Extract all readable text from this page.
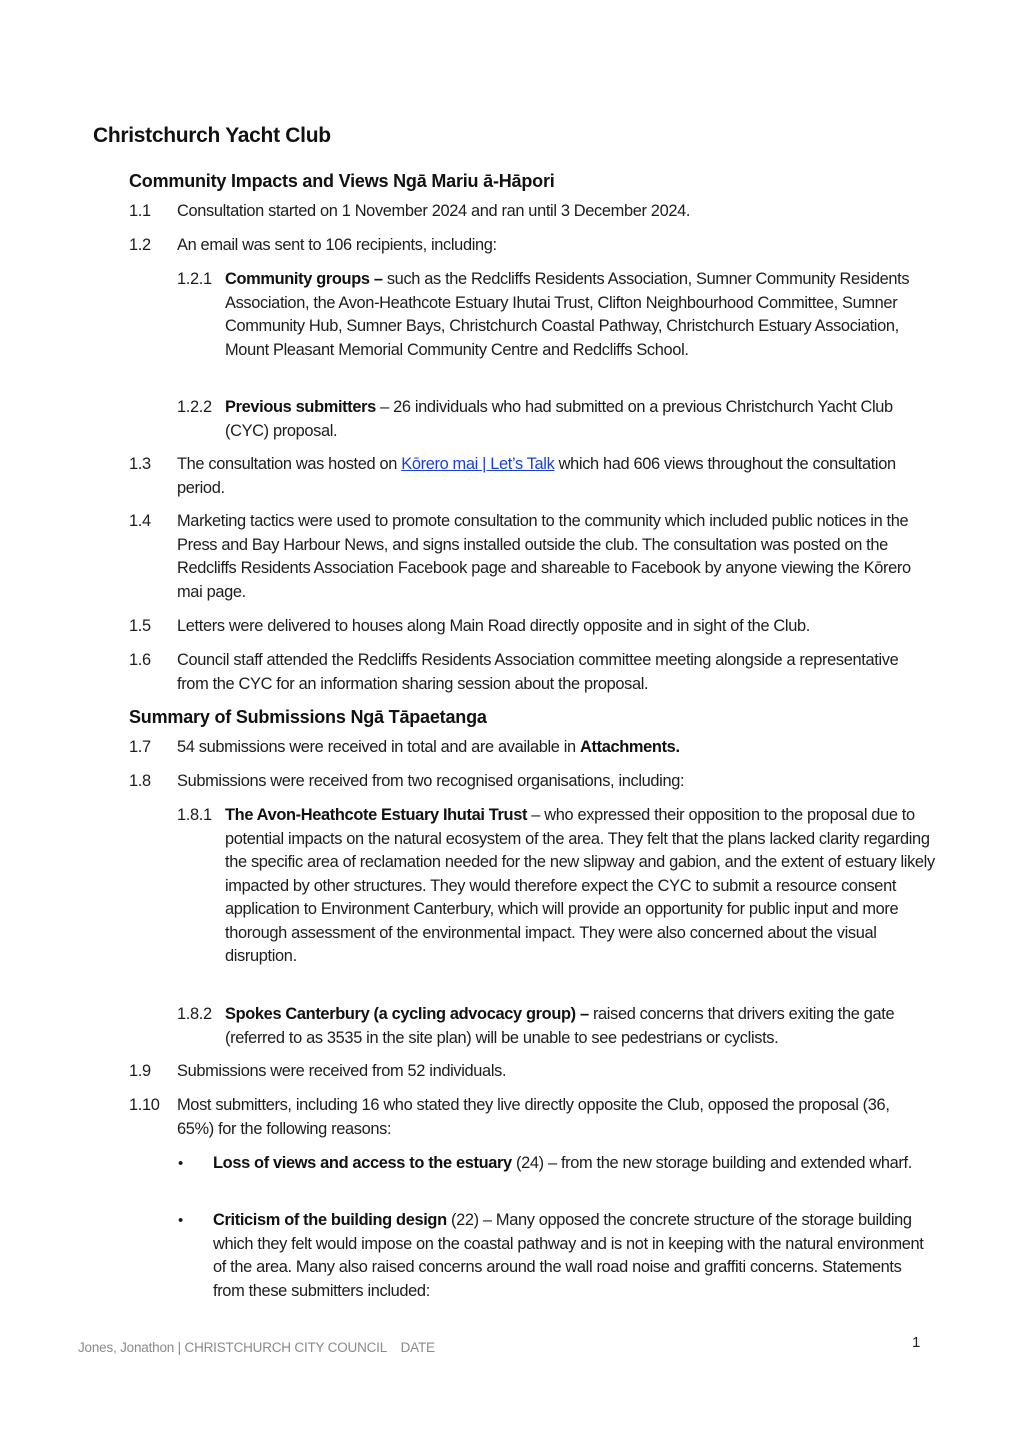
Christchurch Yacht Club
Community Impacts and Views Ngā Mariu ā-Hāpori
1.1 Consultation started on 1 November 2024 and ran until 3 December 2024.
1.2 An email was sent to 106 recipients, including:
1.2.1 Community groups – such as the Redcliffs Residents Association, Sumner Community Residents Association, the Avon-Heathcote Estuary Ihutai Trust, Clifton Neighbourhood Committee, Sumner Community Hub, Sumner Bays, Christchurch Coastal Pathway, Christchurch Estuary Association, Mount Pleasant Memorial Community Centre and Redcliffs School.
1.2.2 Previous submitters – 26 individuals who had submitted on a previous Christchurch Yacht Club (CYC) proposal.
1.3 The consultation was hosted on Kōrero mai | Let’s Talk which had 606 views throughout the consultation period.
1.4 Marketing tactics were used to promote consultation to the community which included public notices in the Press and Bay Harbour News, and signs installed outside the club. The consultation was posted on the Redcliffs Residents Association Facebook page and shareable to Facebook by anyone viewing the Kōrero mai page.
1.5 Letters were delivered to houses along Main Road directly opposite and in sight of the Club.
1.6 Council staff attended the Redcliffs Residents Association committee meeting alongside a representative from the CYC for an information sharing session about the proposal.
Summary of Submissions Ngā Tāpaetanga
1.7 54 submissions were received in total and are available in Attachments.
1.8 Submissions were received from two recognised organisations, including:
1.8.1 The Avon-Heathcote Estuary Ihutai Trust – who expressed their opposition to the proposal due to potential impacts on the natural ecosystem of the area. They felt that the plans lacked clarity regarding the specific area of reclamation needed for the new slipway and gabion, and the extent of estuary likely impacted by other structures. They would therefore expect the CYC to submit a resource consent application to Environment Canterbury, which will provide an opportunity for public input and more thorough assessment of the environmental impact. They were also concerned about the visual disruption.
1.8.2 Spokes Canterbury (a cycling advocacy group) – raised concerns that drivers exiting the gate (referred to as 3535 in the site plan) will be unable to see pedestrians or cyclists.
1.9 Submissions were received from 52 individuals.
1.10 Most submitters, including 16 who stated they live directly opposite the Club, opposed the proposal (36, 65%) for the following reasons:
• Loss of views and access to the estuary (24) – from the new storage building and extended wharf.
• Criticism of the building design (22) – Many opposed the concrete structure of the storage building which they felt would impose on the coastal pathway and is not in keeping with the natural environment of the area. Many also raised concerns around the wall road noise and graffiti concerns. Statements from these submitters included:
Jones, Jonathon | CHRISTCHURCH CITY COUNCIL DATE	1
